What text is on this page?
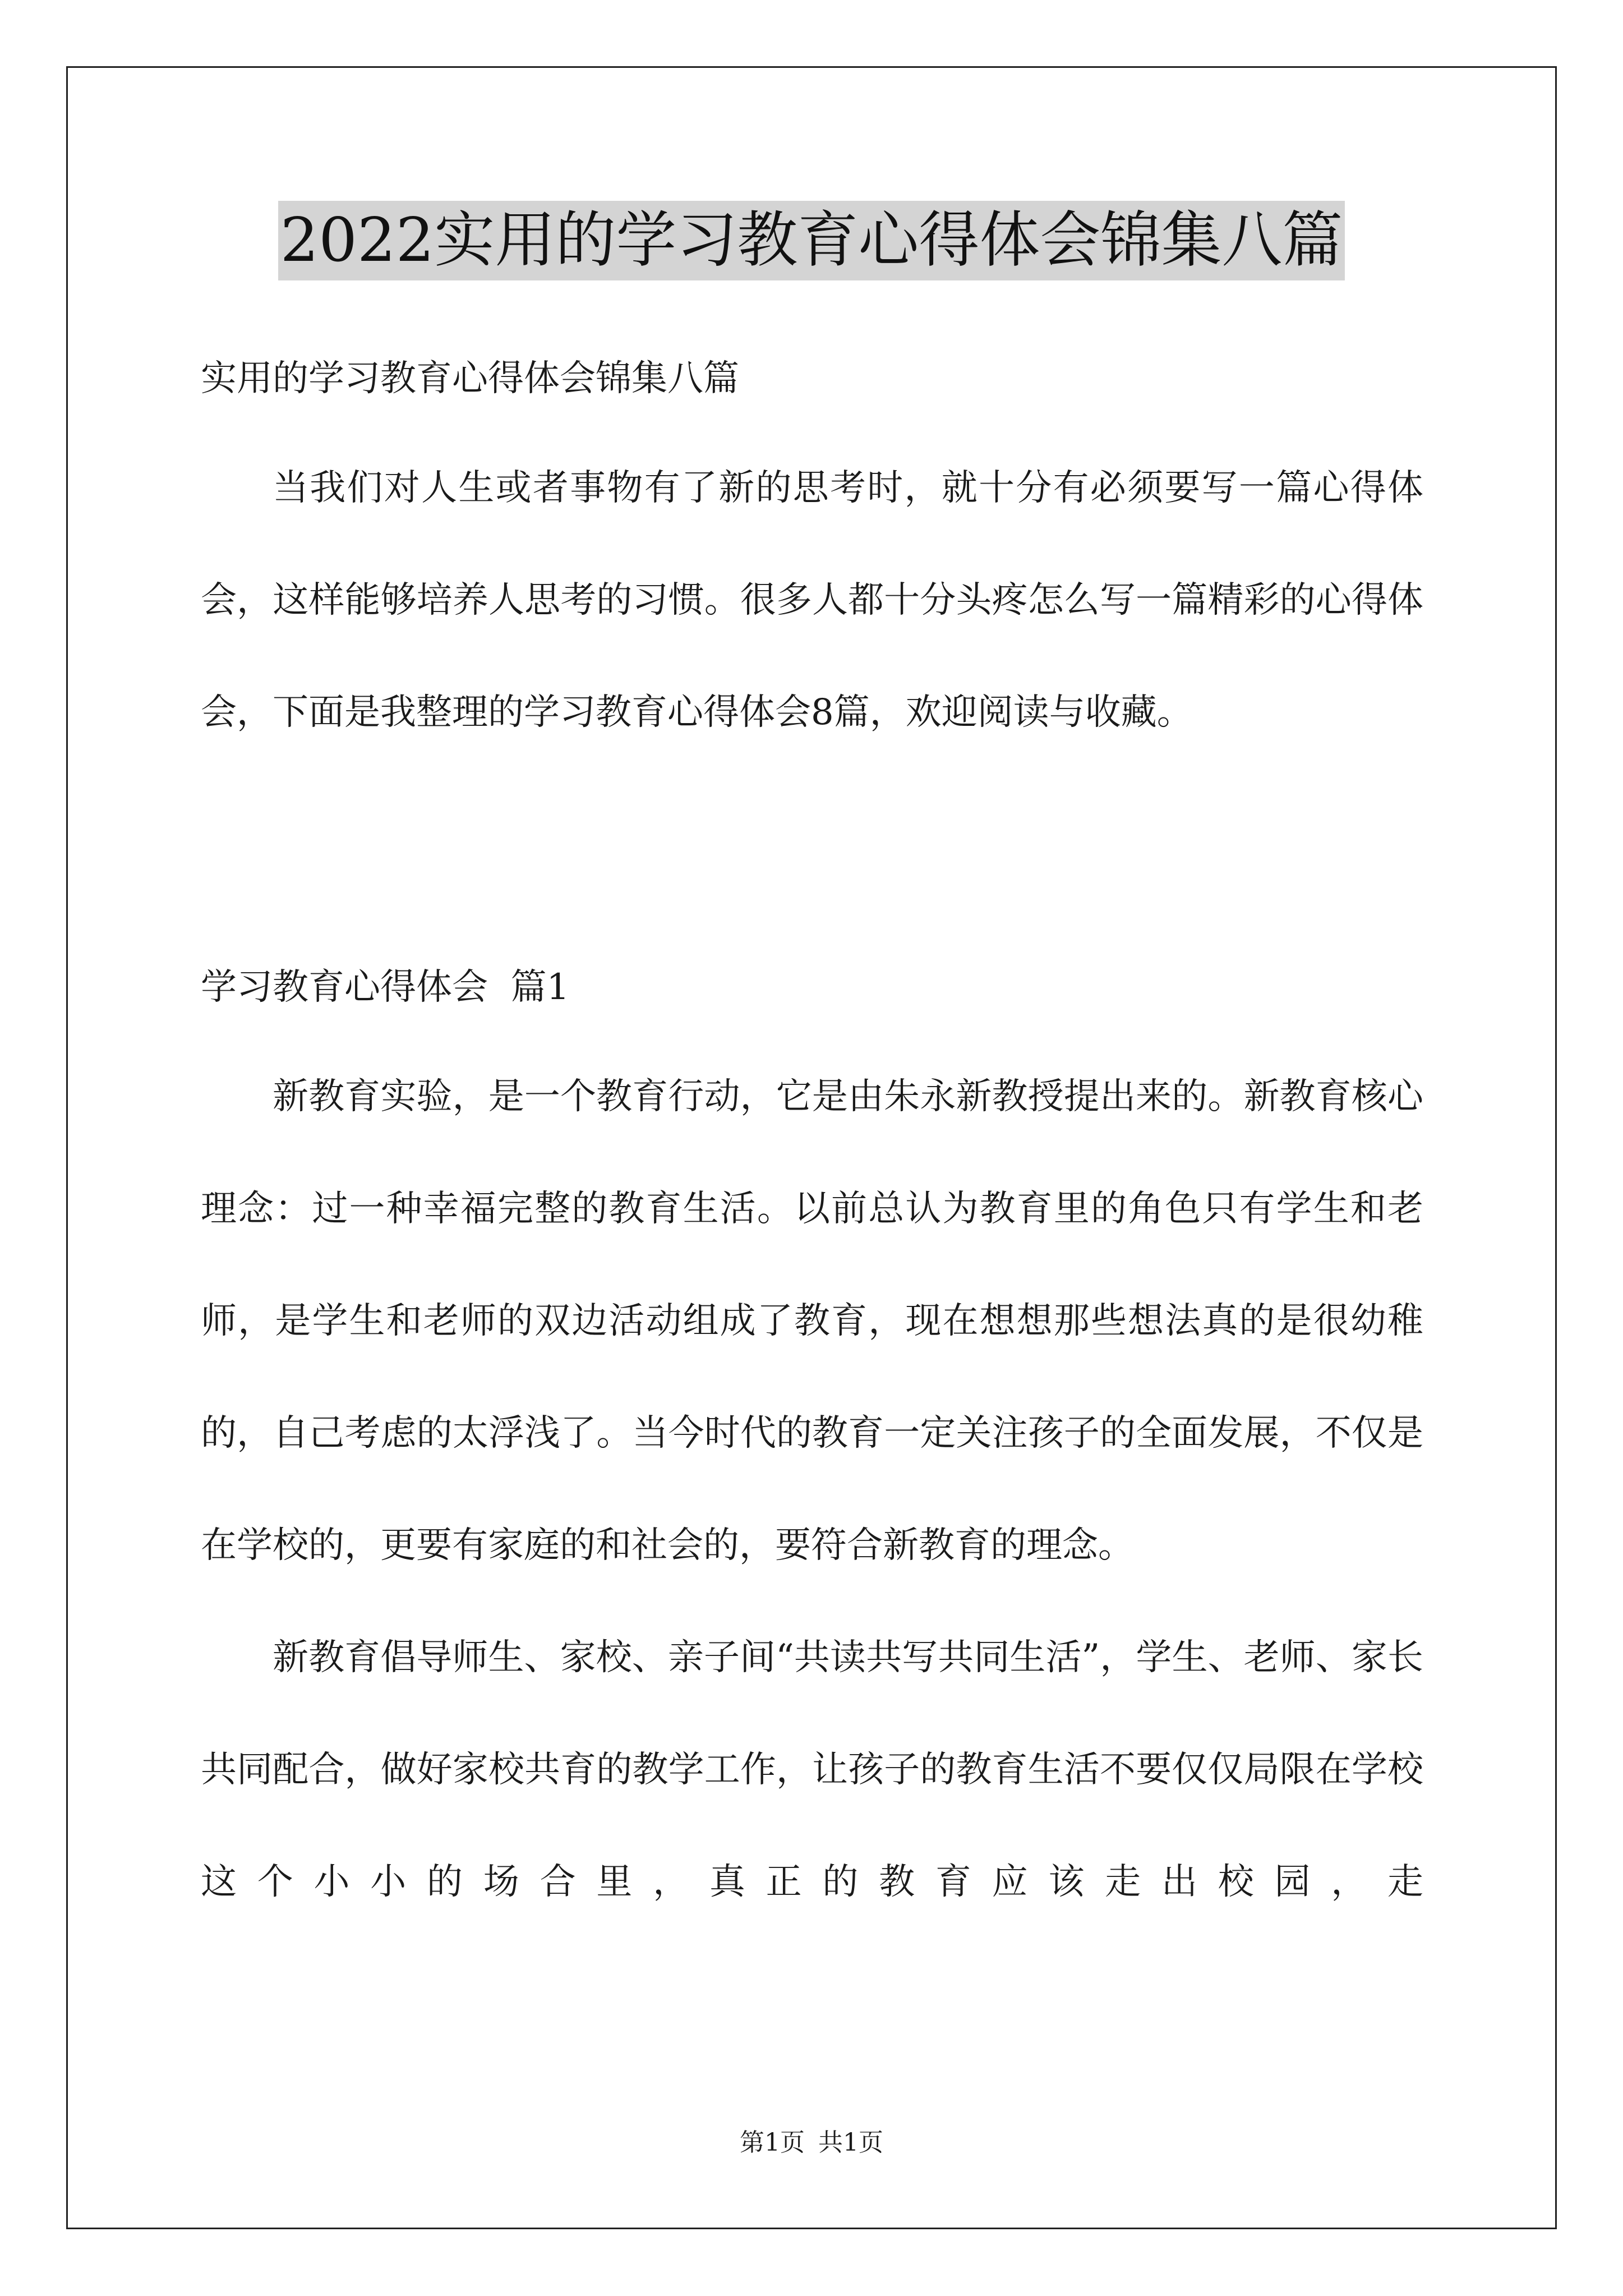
2022实用的学习教育心得体会锦集八篇

实用的学习教育心得体会锦集八篇

当我们对人生或者事物有了新的思考时，就十分有必须要写一篇心得体会，这样能够培养人思考的习惯。很多人都十分头疼怎么写一篇精彩的心得体会，下面是我整理的学习教育心得体会8篇，欢迎阅读与收藏。

学习教育心得体会  篇1

新教育实验，是一个教育行动，它是由朱永新教授提出来的。新教育核心理念：过一种幸福完整的教育生活。以前总认为教育里的角色只有学生和老师，是学生和老师的双边活动组成了教育，现在想想那些想法真的是很幼稚的，自己考虑的太浮浅了。当今时代的教育一定关注孩子的全面发展，不仅是在学校的，更要有家庭的和社会的，要符合新教育的理念。

新教育倡导师生、家校、亲子间“共读共写共同生活”，学生、老师、家长共同配合，做好家校共育的教学工作，让孩子的教育生活不要仅仅局限在学校这个小小的场合里，真正的教育应该走出校园，走

第1页 共1页
